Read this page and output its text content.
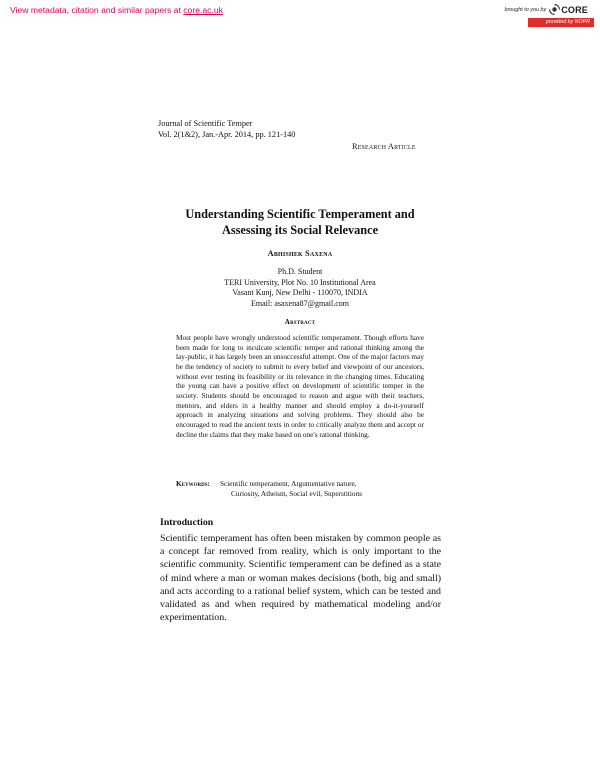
View metadata, citation and similar papers at core.ac.uk	brought to you by CORE
provided by NOPR
Journal of Scientific Temper
Vol. 2(1&2), Jan.-Apr. 2014, pp. 121-140
Research Article
Understanding Scientific Temperament and
Assessing its Social Relevance
Abhishek Saxena
Ph.D. Student
TERI University, Plot No. 10 Institutional Area
Vasant Kunj, New Delhi - 110070, INDIA
Email: asaxena87@gmail.com
Abstract
Most people have wrongly understood scientific temperament. Though efforts have been made for long to inculcate scientific temper and rational thinking among the lay-public, it has largely been an unsuccessful attempt. One of the major factors may be the tendency of society to submit to every belief and viewpoint of our ancestors, without ever testing its feasibility or its relevance in the changing times. Educating the young can have a positive effect on development of scientific temper in the society. Students should be encouraged to reason and argue with their teachers, mentors, and elders in a healthy manner and should employ a do-it-yourself approach in analyzing situations and solving problems. They should also be encouraged to read the ancient texts in order to critically analyze them and accept or decline the claims that they make based on one's rational thinking.
Keywords: Scientific temperament, Argumentative nature,
Curiosity, Atheism, Social evil, Superstitions
Introduction
Scientific temperament has often been mistaken by common people as a concept far removed from reality, which is only important to the scientific community. Scientific temperament can be defined as a state of mind where a man or woman makes decisions (both, big and small) and acts according to a rational belief system, which can be tested and validated as and when required by mathematical modeling and/or experimentation.
